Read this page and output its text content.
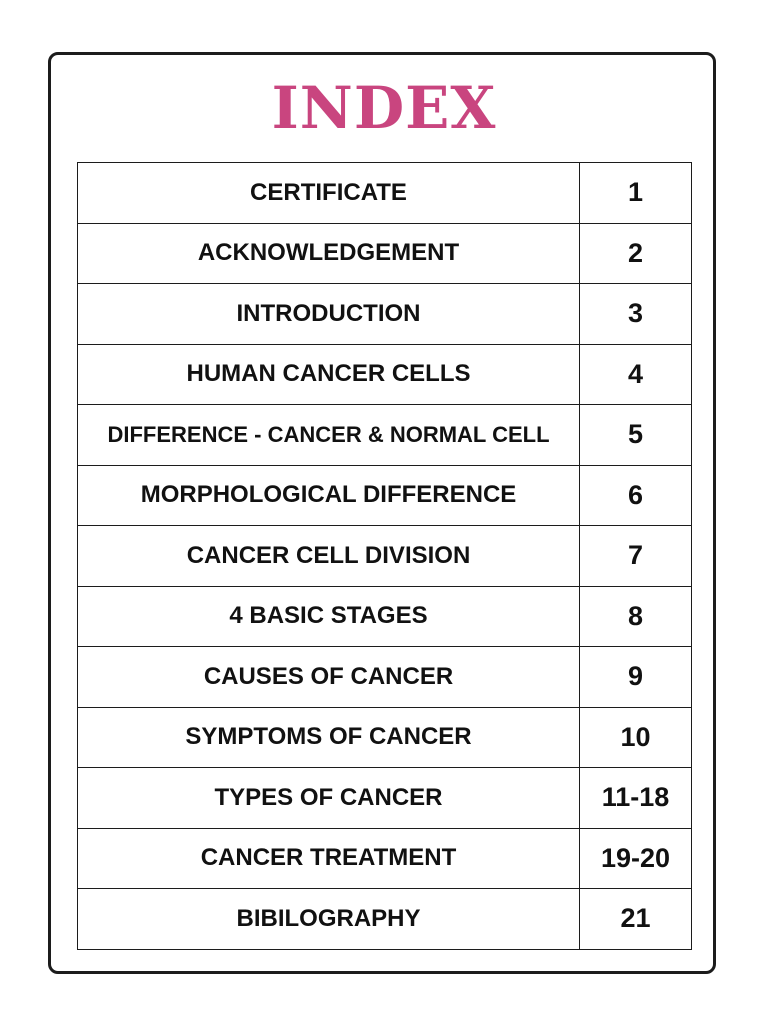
INDEX
CERTIFICATE	1
ACKNOWLEDGEMENT	2
INTRODUCTION	3
HUMAN CANCER CELLS	4
DIFFERENCE - CANCER & NORMAL CELL	5
MORPHOLOGICAL DIFFERENCE	6
CANCER CELL DIVISION	7
4 BASIC STAGES	8
CAUSES OF CANCER	9
SYMPTOMS OF CANCER	10
TYPES OF CANCER	11-18
CANCER TREATMENT	19-20
BIBILOGRAPHY	21
